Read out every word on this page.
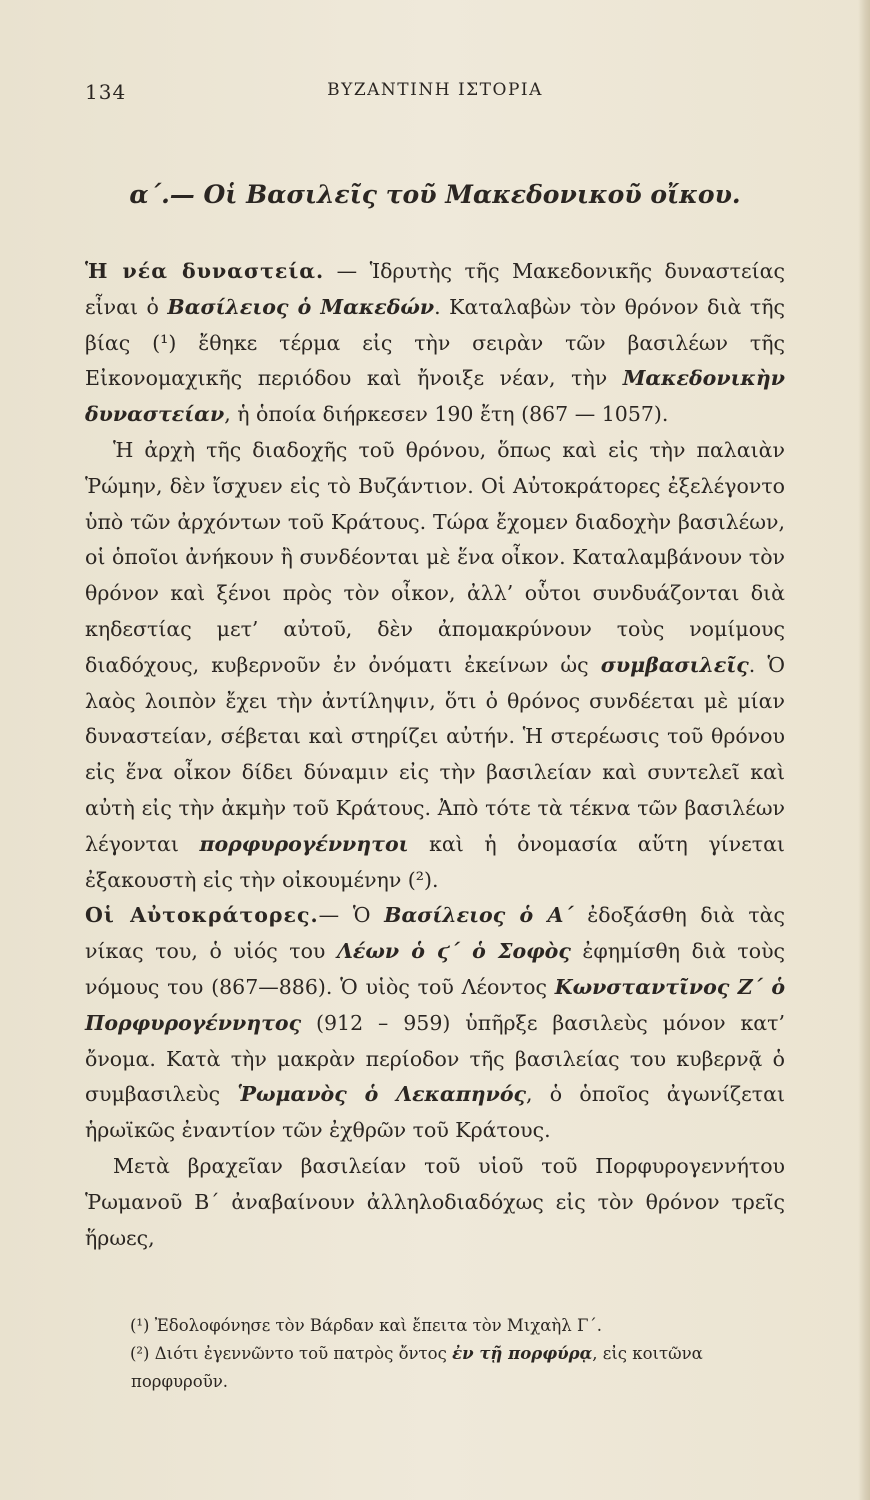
ΒΥΖΑΝΤΙΝΗ ΙΣΤΟΡΙΑ
134
α΄.— Οἱ Βασιλεῖς τοῦ Μακεδονικοῦ οἴκου.

Ἡ νέα δυναστεία. — Ἱδρυτὴς τῆς Μακεδονικῆς δυναστείας εἶναι ὁ Βασίλειος ὁ Μακεδών. Καταλαβὼν τὸν θρόνον διὰ τῆς βίας (¹) ἔθηκε τέρμα εἰς τὴν σειρὰν τῶν βασιλέων τῆς Εἰκονομαχικῆς περιόδου καὶ ἤνοιξε νέαν, τὴν Μακεδονικὴν δυναστείαν, ἡ ὁποία διήρκεσεν 190 ἔτη (867 — 1057).

Ἡ ἀρχὴ τῆς διαδοχῆς τοῦ θρόνου, ὅπως καὶ εἰς τὴν παλαιὰν Ῥώμην, δὲν ἴσχυεν εἰς τὸ Βυζάντιον. Οἱ Αὐτοκράτορες ἐξελέγοντο ὑπὸ τῶν ἀρχόντων τοῦ Κράτους. Τώρα ἔχομεν διαδοχὴν βασιλέων, οἱ ὁποῖοι ἀνήκουν ἢ συνδέονται μὲ ἕνα οἶκον. Καταλαμβάνουν τὸν θρόνον καὶ ξένοι πρὸς τὸν οἶκον, ἀλλ’ οὗτοι συνδυάζονται διὰ κηδεστίας μετ’ αὐτοῦ, δὲν ἀπομακρύνουν τοὺς νομίμους διαδόχους, κυβερνοῦν ἐν ὀνόματι ἐκείνων ὡς συμβασιλεῖς. Ὁ λαὸς λοιπὸν ἔχει τὴν ἀντίληψιν, ὅτι ὁ θρόνος συνδέεται μὲ μίαν δυναστείαν, σέβεται καὶ στηρίζει αὐτήν. Ἡ στερέωσις τοῦ θρόνου εἰς ἕνα οἶκον δίδει δύναμιν εἰς τὴν βασιλείαν καὶ συντελεῖ καὶ αὐτὴ εἰς τὴν ἀκμὴν τοῦ Κράτους. Ἀπὸ τότε τὰ τέκνα τῶν βασιλέων λέγονται πορφυρογέννητοι καὶ ἡ ὀνομασία αὕτη γίνεται ἐξακουστὴ εἰς τὴν οἰκουμένην (²).

Οἱ Αὐτοκράτορες.— Ὁ Βασίλειος ὁ Α΄ ἐδοξάσθη διὰ τὰς νίκας του, ὁ υἱός του Λέων ὁ ϛ΄ ὁ Σοφὸς ἐφημίσθη διὰ τοὺς νόμους του (867—886). Ὁ υἱὸς τοῦ Λέοντος Κωνσταντῖνος Ζ΄ ὁ Πορφυρογέννητος (912 – 959) ὑπῆρξε βασιλεὺς μόνον κατ’ ὄνομα. Κατὰ τὴν μακρὰν περίοδον τῆς βασιλείας του κυβερνᾷ ὁ συμβασιλεὺς Ῥωμανὸς ὁ Λεκαπηνός, ὁ ὁποῖος ἀγωνίζεται ἡρωϊκῶς ἐναντίον τῶν ἐχθρῶν τοῦ Κράτους.

Μετὰ βραχεῖαν βασιλείαν τοῦ υἱοῦ τοῦ Πορφυρογεννήτου Ῥωμανοῦ Β΄ ἀναβαίνουν ἀλληλοδιαδόχως εἰς τὸν θρόνον τρεῖς ἥρωες,

(¹) Ἐδολοφόνησε τὸν Βάρδαν καὶ ἔπειτα τὸν Μιχαὴλ Γ΄.

(²) Διότι ἐγεννῶντο τοῦ πατρὸς ὄντος ἐν τῇ πορφύρᾳ, εἰς κοιτῶνα πορφυροῦν.
